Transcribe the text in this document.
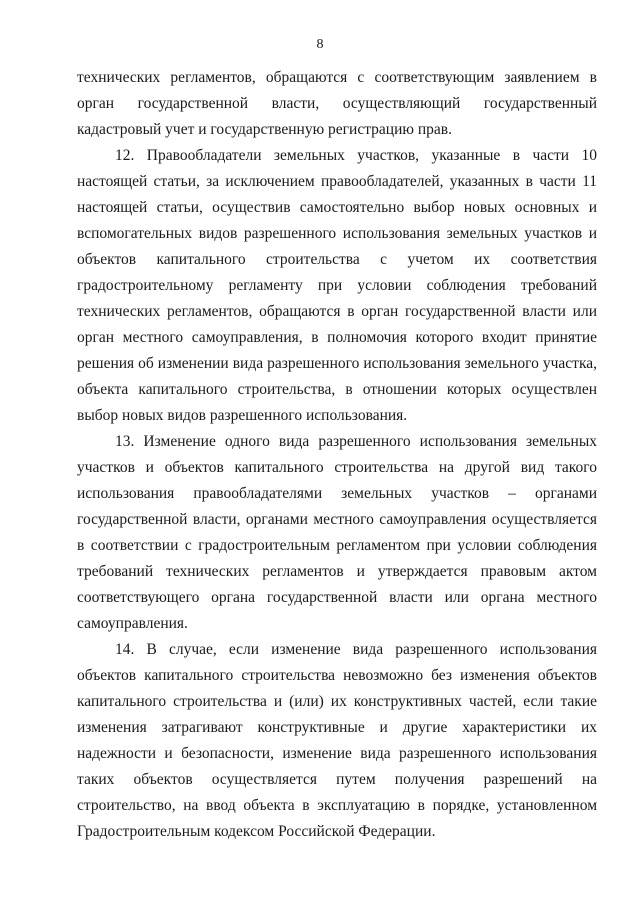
8

технических регламентов, обращаются с соответствующим заявлением в орган государственной власти, осуществляющий государственный кадастровый учет и государственную регистрацию прав.

12. Правообладатели земельных участков, указанные в части 10 настоящей статьи, за исключением правообладателей, указанных в части 11 настоящей статьи, осуществив самостоятельно выбор новых основных и вспомогательных видов разрешенного использования земельных участков и объектов капитального строительства с учетом их соответствия градостроительному регламенту при условии соблюдения требований технических регламентов, обращаются в орган государственной власти или орган местного самоуправления, в полномочия которого входит принятие решения об изменении вида разрешенного использования земельного участка, объекта капитального строительства, в отношении которых осуществлен выбор новых видов разрешенного использования.

13. Изменение одного вида разрешенного использования земельных участков и объектов капитального строительства на другой вид такого использования правообладателями земельных участков – органами государственной власти, органами местного самоуправления осуществляется в соответствии с градостроительным регламентом при условии соблюдения требований технических регламентов и утверждается правовым актом соответствующего органа государственной власти или органа местного самоуправления.

14. В случае, если изменение вида разрешенного использования объектов капитального строительства невозможно без изменения объектов капитального строительства и (или) их конструктивных частей, если такие изменения затрагивают конструктивные и другие характеристики их надежности и безопасности, изменение вида разрешенного использования таких объектов осуществляется путем получения разрешений на строительство, на ввод объекта в эксплуатацию в порядке, установленном Градостроительным кодексом Российской Федерации.
